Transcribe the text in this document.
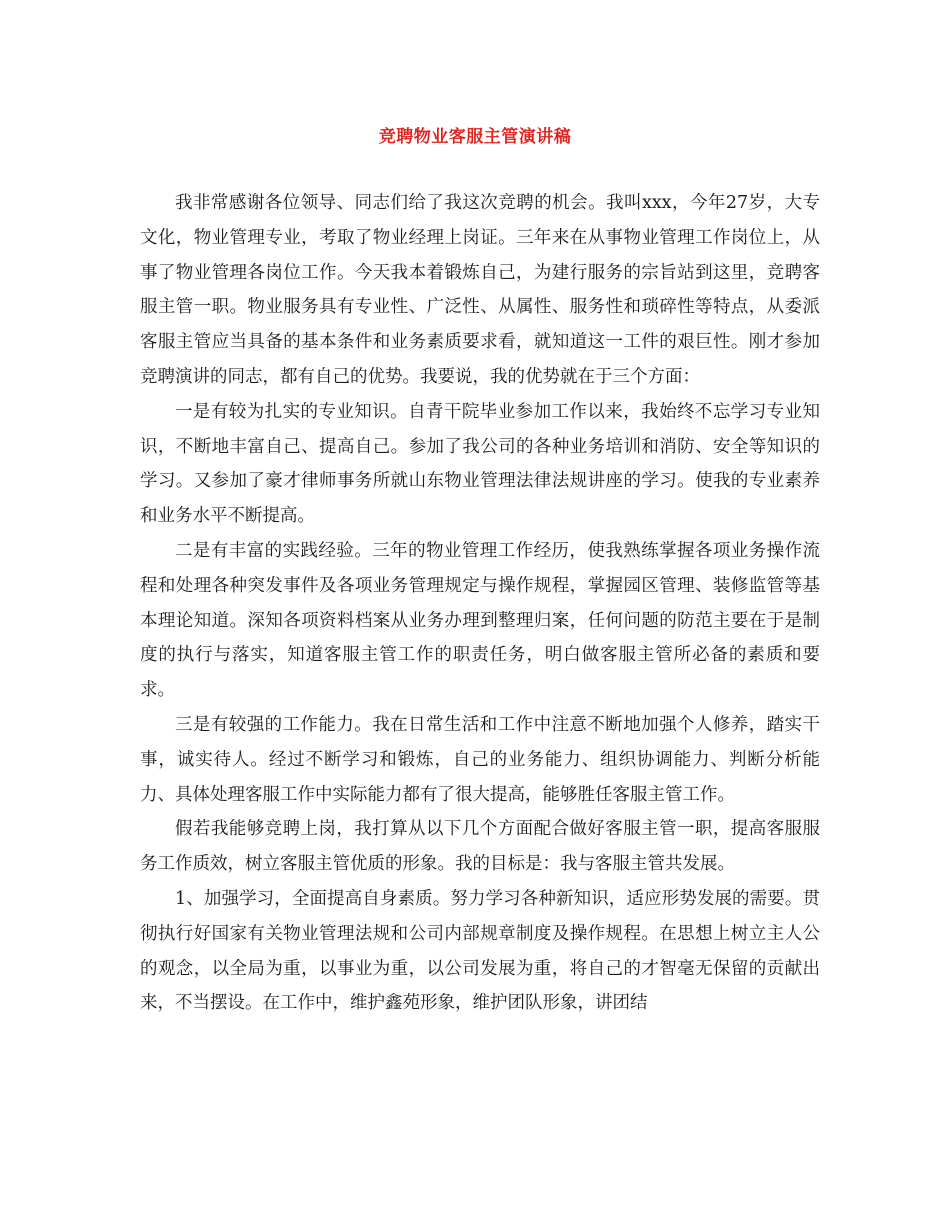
竞聘物业客服主管演讲稿

我非常感谢各位领导、同志们给了我这次竞聘的机会。我叫xxx，今年27岁，大专文化，物业管理专业，考取了物业经理上岗证。三年来在从事物业管理工作岗位上，从事了物业管理各岗位工作。今天我本着锻炼自己，为建行服务的宗旨站到这里，竞聘客服主管一职。物业服务具有专业性、广泛性、从属性、服务性和琐碎性等特点，从委派客服主管应当具备的基本条件和业务素质要求看，就知道这一工件的艰巨性。刚才参加竞聘演讲的同志，都有自己的优势。我要说，我的优势就在于三个方面：

一是有较为扎实的专业知识。自青干院毕业参加工作以来，我始终不忘学习专业知识，不断地丰富自己、提高自己。参加了我公司的各种业务培训和消防、安全等知识的学习。又参加了豪才律师事务所就山东物业管理法律法规讲座的学习。使我的专业素养和业务水平不断提高。

二是有丰富的实践经验。三年的物业管理工作经历，使我熟练掌握各项业务操作流程和处理各种突发事件及各项业务管理规定与操作规程，掌握园区管理、装修监管等基本理论知道。深知各项资料档案从业务办理到整理归案，任何问题的防范主要在于是制度的执行与落实，知道客服主管工作的职责任务，明白做客服主管所必备的素质和要求。

三是有较强的工作能力。我在日常生活和工作中注意不断地加强个人修养，踏实干事，诚实待人。经过不断学习和锻炼，自己的业务能力、组织协调能力、判断分析能力、具体处理客服工作中实际能力都有了很大提高，能够胜任客服主管工作。

假若我能够竞聘上岗，我打算从以下几个方面配合做好客服主管一职，提高客服服务工作质效，树立客服主管优质的形象。我的目标是：我与客服主管共发展。

1、加强学习，全面提高自身素质。努力学习各种新知识，适应形势发展的需要。贯彻执行好国家有关物业管理法规和公司内部规章制度及操作规程。在思想上树立主人公的观念，以全局为重，以事业为重，以公司发展为重，将自己的才智毫无保留的贡献出来，不当摆设。在工作中，维护鑫苑形象，维护团队形象，讲团结
